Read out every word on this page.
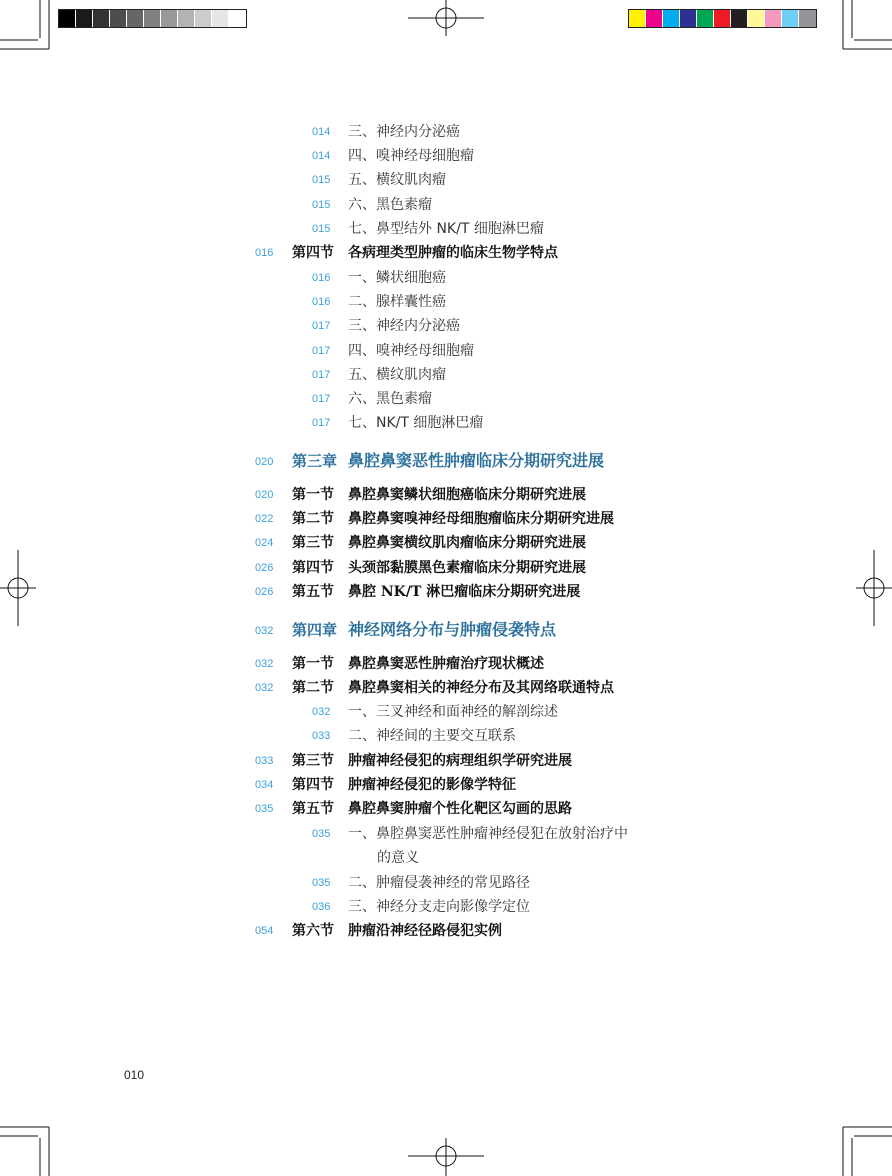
014 三、神经内分泌癌
014 四、嗅神经母细胞瘤
015 五、横纹肌肉瘤
015 六、黑色素瘤
015 七、鼻型结外 NK/T 细胞淋巴瘤
016 第四节 各病理类型肿瘤的临床生物学特点
016 一、鳞状细胞癌
016 二、腺样囊性癌
017 三、神经内分泌癌
017 四、嗅神经母细胞瘤
017 五、横纹肌肉瘤
017 六、黑色素瘤
017 七、NK/T 细胞淋巴瘤
020 第三章 鼻腔鼻窦恶性肿瘤临床分期研究进展
020 第一节 鼻腔鼻窦鳞状细胞癌临床分期研究进展
022 第二节 鼻腔鼻窦嗅神经母细胞瘤临床分期研究进展
024 第三节 鼻腔鼻窦横纹肌肉瘤临床分期研究进展
026 第四节 头颈部黏膜黑色素瘤临床分期研究进展
026 第五节 鼻腔 NK/T 淋巴瘤临床分期研究进展
032 第四章 神经网络分布与肿瘤侵袭特点
032 第一节 鼻腔鼻窦恶性肿瘤治疗现状概述
032 第二节 鼻腔鼻窦相关的神经分布及其网络联通特点
032 一、三叉神经和面神经的解剖综述
033 二、神经间的主要交互联系
033 第三节 肿瘤神经侵犯的病理组织学研究进展
034 第四节 肿瘤神经侵犯的影像学特征
035 第五节 鼻腔鼻窦肿瘤个性化靶区勾画的思路
035 一、鼻腔鼻窦恶性肿瘤神经侵犯在放射治疗中
的意义
035 二、肿瘤侵袭神经的常见路径
036 三、神经分支走向影像学定位
054 第六节 肿瘤沿神经径路侵犯实例
010
